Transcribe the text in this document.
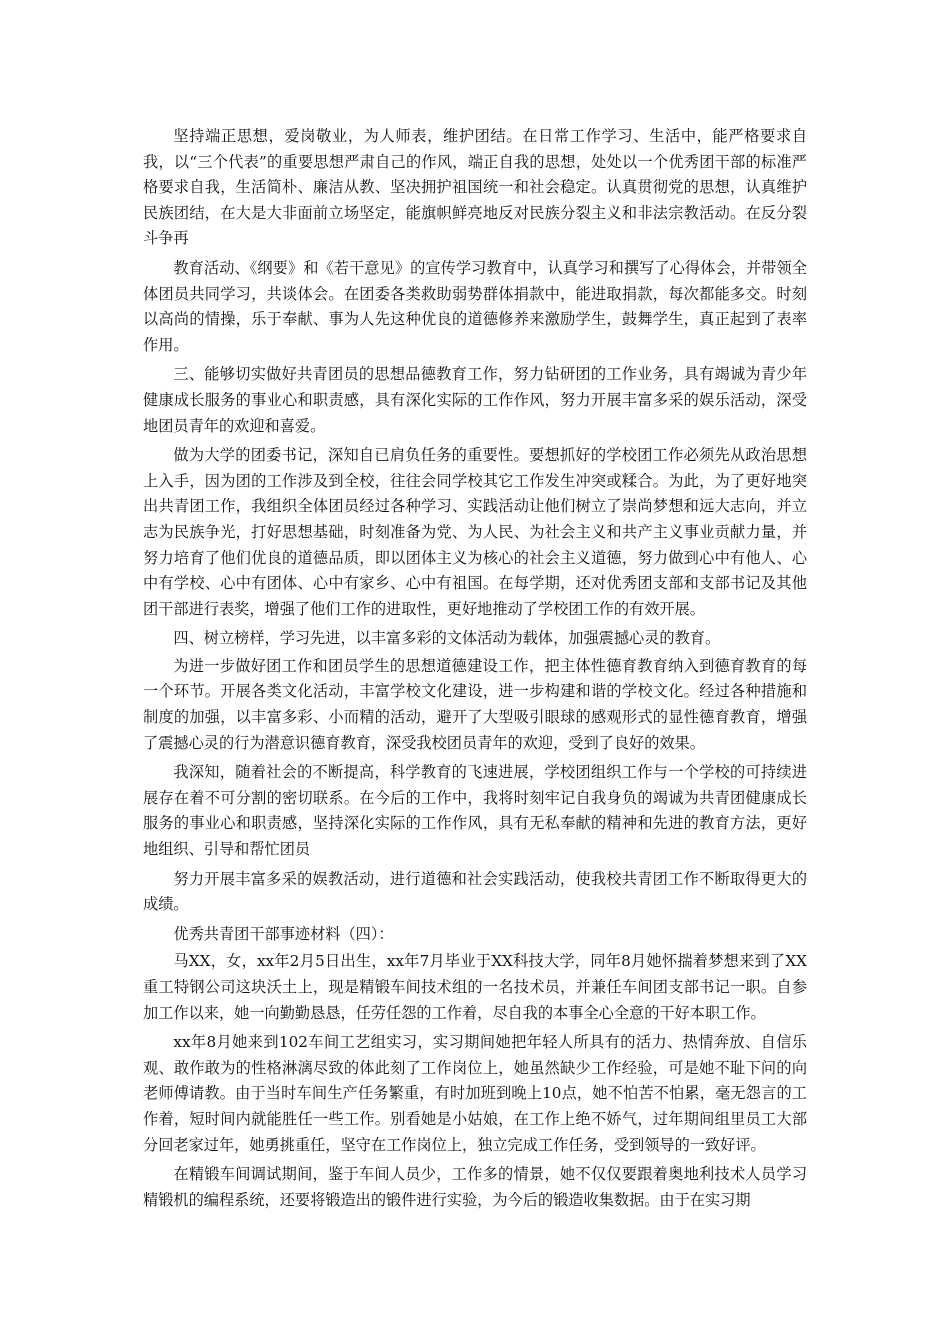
坚持端正思想，爱岗敬业，为人师表，维护团结。在日常工作学习、生活中，能严格要求自我，以“三个代表”的重要思想严肃自己的作风，端正自我的思想，处处以一个优秀团干部的标准严格要求自我，生活简朴、廉洁从教、坚决拥护祖国统一和社会稳定。认真贯彻党的思想，认真维护民族团结，在大是大非面前立场坚定，能旗帜鲜亮地反对民族分裂主义和非法宗教活动。在反分裂斗争再

教育活动、《纲要》和《若干意见》的宣传学习教育中，认真学习和撰写了心得体会，并带领全体团员共同学习，共谈体会。在团委各类救助弱势群体捐款中，能进取捐款，每次都能多交。时刻以高尚的情操，乐于奉献、事为人先这种优良的道德修养来激励学生，鼓舞学生，真正起到了表率作用。

三、能够切实做好共青团员的思想品德教育工作，努力钻研团的工作业务，具有竭诚为青少年健康成长服务的事业心和职责感，具有深化实际的工作作风，努力开展丰富多采的娱乐活动，深受地团员青年的欢迎和喜爱。

做为大学的团委书记，深知自已肩负任务的重要性。要想抓好的学校团工作必须先从政治思想上入手，因为团的工作涉及到全校，往往会同学校其它工作发生冲突或糅合。为此，为了更好地突出共青团工作，我组织全体团员经过各种学习、实践活动让他们树立了崇尚梦想和远大志向，并立志为民族争光，打好思想基础，时刻准备为党、为人民、为社会主义和共产主义事业贡献力量，并努力培育了他们优良的道德品质，即以团体主义为核心的社会主义道德，努力做到心中有他人、心中有学校、心中有团体、心中有家乡、心中有祖国。在每学期，还对优秀团支部和支部书记及其他团干部进行表奖，增强了他们工作的进取性，更好地推动了学校团工作的有效开展。

四、树立榜样，学习先进，以丰富多彩的文体活动为载体，加强震撼心灵的教育。

为进一步做好团工作和团员学生的思想道德建设工作，把主体性德育教育纳入到德育教育的每一个环节。开展各类文化活动，丰富学校文化建设，进一步构建和谐的学校文化。经过各种措施和制度的加强，以丰富多彩、小而精的活动，避开了大型吸引眼球的感观形式的显性德育教育，增强了震撼心灵的行为潜意识德育教育，深受我校团员青年的欢迎，受到了良好的效果。

我深知，随着社会的不断提高，科学教育的飞速进展，学校团组织工作与一个学校的可持续进展存在着不可分割的密切联系。在今后的工作中，我将时刻牢记自我身负的竭诚为共青团健康成长服务的事业心和职责感，坚持深化实际的工作作风，具有无私奉献的精神和先进的教育方法，更好地组织、引导和帮忙团员

努力开展丰富多采的娱教活动，进行道德和社会实践活动，使我校共青团工作不断取得更大的成绩。

优秀共青团干部事迹材料（四）：

马XX，女，xx年2月5日出生，xx年7月毕业于XX科技大学，同年8月她怀揣着梦想来到了XX重工特钢公司这块沃土上，现是精锻车间技术组的一名技术员，并兼任车间团支部书记一职。自参加工作以来，她一向勤勤恳恳，任劳任怨的工作着，尽自我的本事全心全意的干好本职工作。

xx年8月她来到102车间工艺组实习，实习期间她把年轻人所具有的活力、热情奔放、自信乐观、敢作敢为的性格淋漓尽致的体此刻了工作岗位上，她虽然缺少工作经验，可是她不耻下问的向老师傅请教。由于当时车间生产任务繁重，有时加班到晚上10点，她不怕苦不怕累，毫无怨言的工作着，短时间内就能胜任一些工作。别看她是小姑娘，在工作上绝不娇气，过年期间组里员工大部分回老家过年，她勇挑重任，坚守在工作岗位上，独立完成工作任务，受到领导的一致好评。

在精锻车间调试期间，鉴于车间人员少，工作多的情景，她不仅仅要跟着奥地利技术人员学习精锻机的编程系统，还要将锻造出的锻件进行实验，为今后的锻造收集数据。由于在实习期
